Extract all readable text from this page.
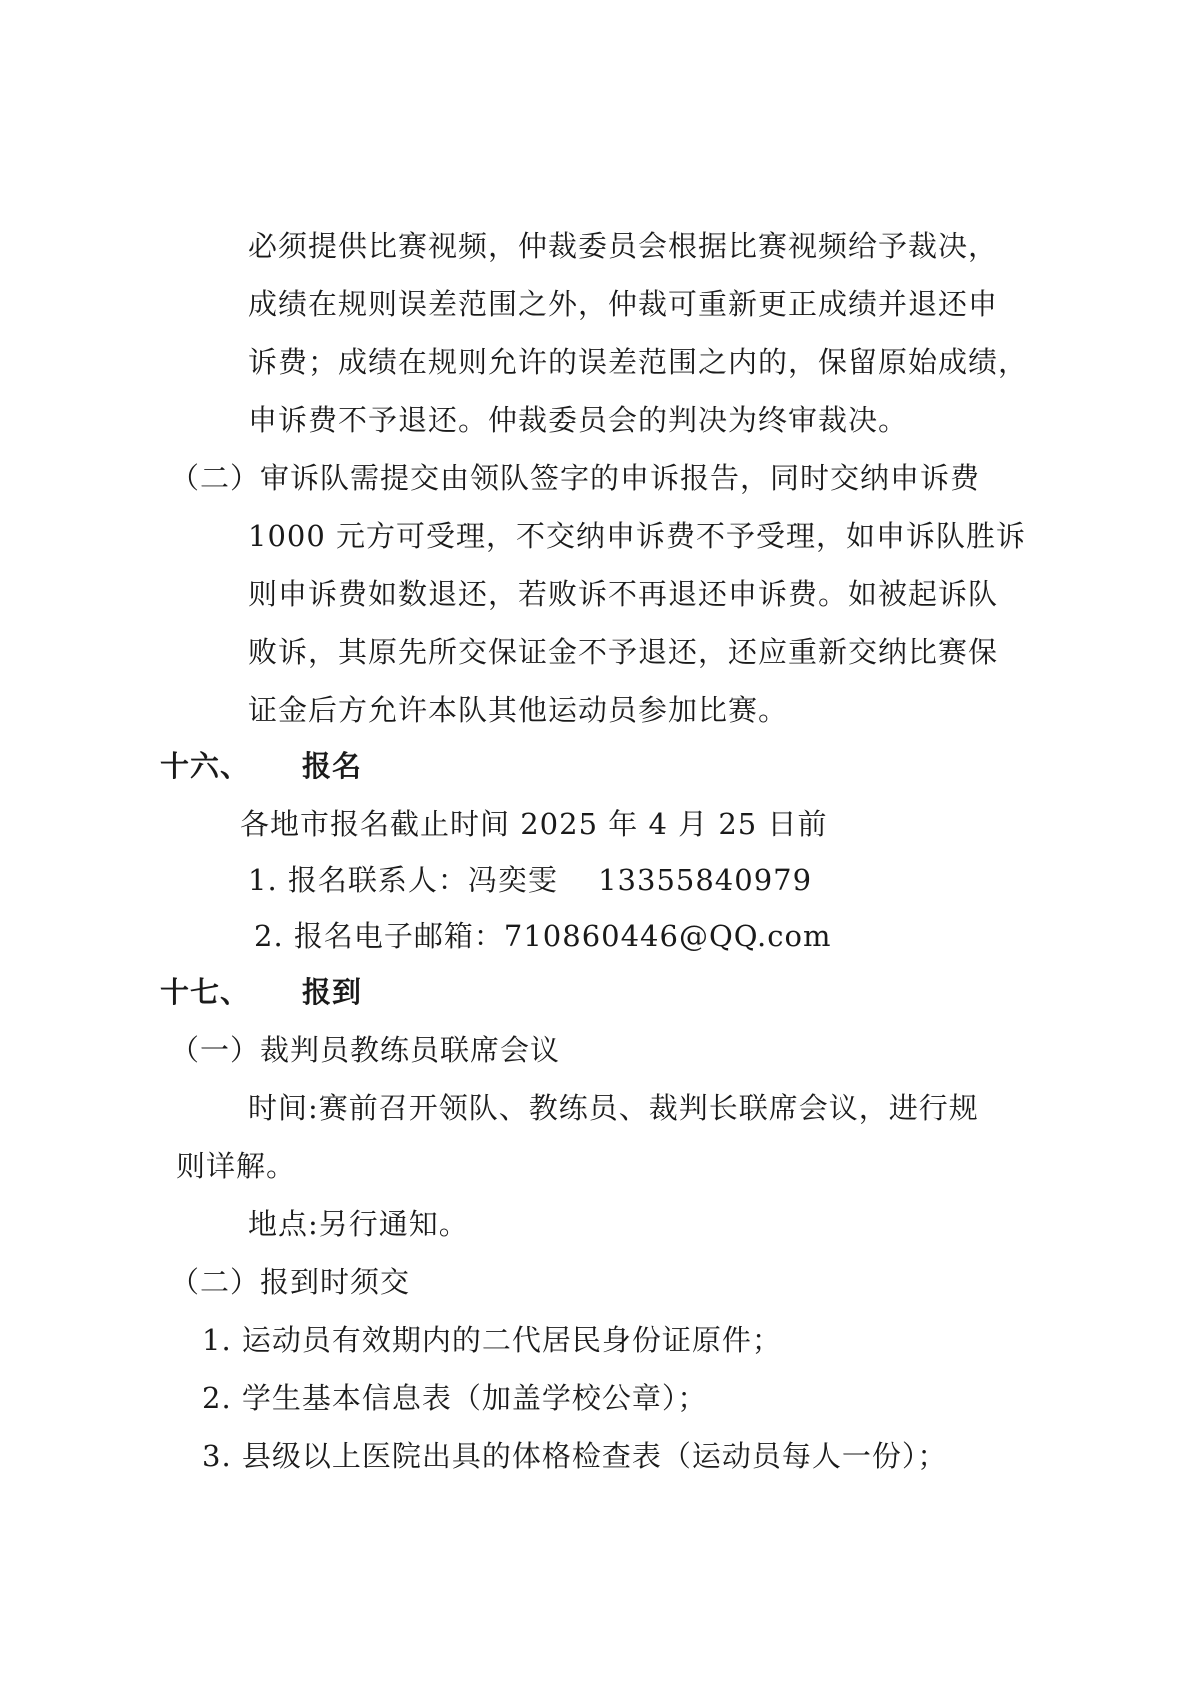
必须提供比赛视频，仲裁委员会根据比赛视频给予裁决，
成绩在规则误差范围之外，仲裁可重新更正成绩并退还申
诉费；成绩在规则允许的误差范围之内的，保留原始成绩，
申诉费不予退还。仲裁委员会的判决为终审裁决。
（二）审诉队需提交由领队签字的申诉报告，同时交纳申诉费
1000 元方可受理，不交纳申诉费不予受理，如申诉队胜诉
则申诉费如数退还，若败诉不再退还申诉费。如被起诉队
败诉，其原先所交保证金不予退还，还应重新交纳比赛保
证金后方允许本队其他运动员参加比赛。
十六、 报名
各地市报名截止时间 2025 年 4 月 25 日前
1. 报名联系人：冯奕雯　 13355840979
2. 报名电子邮箱：710860446@QQ.com
十七、 报到
（一）裁判员教练员联席会议
时间:赛前召开领队、教练员、裁判长联席会议，进行规
则详解。
地点:另行通知。
（二）报到时须交
1. 运动员有效期内的二代居民身份证原件；
2. 学生基本信息表（加盖学校公章）；
3. 县级以上医院出具的体格检查表（运动员每人一份）；
